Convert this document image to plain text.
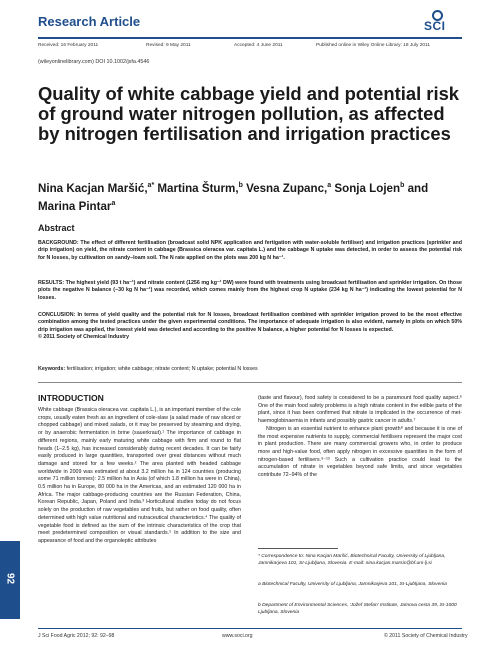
Research Article	SCI
Received: 16 February 2011	Revised: 9 May 2011	Accepted: 4 June 2011	Published online in Wiley Online Library: 18 July 2011
(wileyonlinelibrary.com) DOI 10.1002/jsfa.4546
Quality of white cabbage yield and potential risk of ground water nitrogen pollution, as affected by nitrogen fertilisation and irrigation practices
Nina Kacjan Maršić,$^{a*}$ Martina Šturm,$^b$ Vesna Zupanc,$^a$ Sonja Lojen$^b$ and Marina Pintar$^a$
Abstract
BACKGROUND: The effect of different fertilisation (broadcast solid NPK application and fertigation with water-soluble fertiliser) and irrigation practices (sprinkler and drip irrigation) on yield, the nitrate content in cabbage (Brassica oleracea var. capitata L.) and the cabbage N uptake was detected, in order to assess the potential risk for N losses, by cultivation on sandy–loam soil. The N rate applied on the plots was 200 kg N ha⁻¹.
RESULTS: The highest yield (93 t ha⁻¹) and nitrate content (1256 mg kg⁻¹ DW) were found with treatments using broadcast fertilisation and sprinkler irrigation. On those plots the negative N balance (−30 kg N ha⁻¹) was recorded, which comes mainly from the highest crop N uptake (234 kg N ha⁻¹) indicating the lowest potential for N losses.
CONCLUSION: In terms of yield quality and the potential risk for N losses, broadcast fertilisation combined with sprinkler irrigation proved to be the most effective combination among the tested practices under the given experimental conditions. The importance of adequate irrigation is also evident, namely in plots on which 50% drip irrigation was applied, the lowest yield was detected and according to the positive N balance, a higher potential for N losses is expected.
© 2011 Society of Chemical Industry
Keywords: fertilisation; irrigation; white cabbage; nitrate content; N uptake; potential N losses
INTRODUCTION

White cabbage (Brassica oleracea var. capitata L.), is an important member of the cole crops, usually eaten fresh as an ingredient of cole-slaw (a salad made of raw sliced or chopped cabbage) and mixed salads, or it may be preserved by steaming and drying, or by anaerobic fermentation in brine (sauerkraut).¹ The importance of cabbage in different regions, mainly early maturing white cabbage with firm and round to flat heads (1–2.5 kg), has increased considerably during recent decades. It can be fairly easily produced in large quantities, transported over great distances without much damage and stored for a few weeks.² The area planted with headed cabbage worldwide in 2009 was estimated at about 3.2 million ha in 124 countries (producing some 71 million tonnes): 2.5 million ha in Asia (of which 1.8 million ha were in China), 0.5 million ha in Europe, 80 000 ha in the Americas, and an estimated 120 000 ha in Africa. The major cabbage-producing countries are the Russian Federation, China, Korean Republic, Japan, Poland and India.³ Horticultural studies today do not focus solely on the production of raw vegetables and fruits, but rather on food quality, often determined with high value nutritional and nutraceutical characteristics.⁴ The quality of vegetable food is defined as the sum of the intrinsic characteristics of the crop that meet predetermined composition or visual standards.⁵ In addition to the size and appearance of food and the organoleptic attributes

(taste and flavour), food safety is considered to be a paramount food quality aspect.⁶ One of the main food safety problems is a high nitrate content in the edible parts of the plant, since it has been confirmed that nitrate is implicated in the occurrence of met-haemoglobinaemia in infants and possibly gastric cancer in adults.⁷

Nitrogen is an essential nutrient to enhance plant growth⁸ and because it is one of the most expensive nutrients to supply, commercial fertilisers represent the major cost in plant production. There are many commercial growers who, in order to produce more and high-value food, often apply nitrogen in excessive quantities in the form of nitrogen-based fertilisers.⁹⁻¹³ Such a cultivation practice could lead to the accumulation of nitrate in vegetables beyond safe limits, and since vegetables contribute 72–94% of the

* Correspondence to: Nina Kacjan Maršić, Biotechnical Faculty, University of Ljubljana, Jamnikarjeva 101, SI-Ljubljana, Slovenia. E-mail: nina.kacjan.marsic@bf.uni-lj.si
a Biotechnical Faculty, University of Ljubljana, Jamnikarjeva 101, SI-Ljubljana, Slovenia
b Department of Environmental Sciences, 'Jožef Stefan' Institute, Jamova cesta 39, SI-1000 Ljubljana, Slovenia
92
J Sci Food Agric 2012; 92: 92–98	www.soci.org	© 2011 Society of Chemical Industry
